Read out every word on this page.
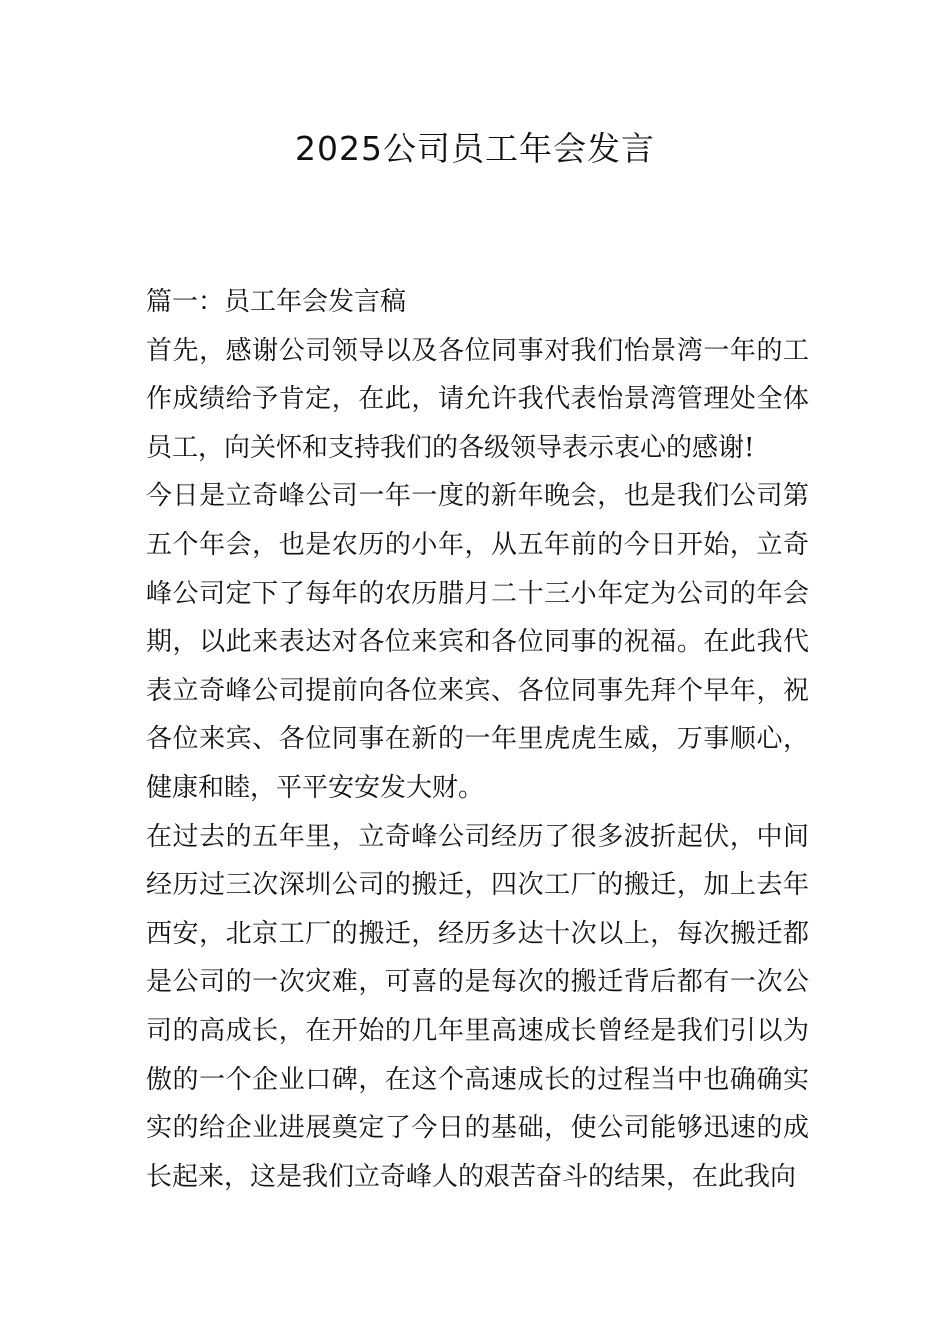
2025公司员工年会发言

篇一：员工年会发言稿

首先，感谢公司领导以及各位同事对我们怡景湾一年的工作成绩给予肯定，在此，请允许我代表怡景湾管理处全体员工，向关怀和支持我们的各级领导表示衷心的感谢!

今日是立奇峰公司一年一度的新年晚会，也是我们公司第五个年会，也是农历的小年，从五年前的今日开始，立奇峰公司定下了每年的农历腊月二十三小年定为公司的年会期，以此来表达对各位来宾和各位同事的祝福。在此我代表立奇峰公司提前向各位来宾、各位同事先拜个早年，祝各位来宾、各位同事在新的一年里虎虎生威，万事顺心，健康和睦，平平安安发大财。

在过去的五年里，立奇峰公司经历了很多波折起伏，中间经历过三次深圳公司的搬迁，四次工厂的搬迁，加上去年西安，北京工厂的搬迁，经历多达十次以上，每次搬迁都是公司的一次灾难，可喜的是每次的搬迁背后都有一次公司的高成长，在开始的几年里高速成长曾经是我们引以为傲的一个企业口碑，在这个高速成长的过程当中也确确实实的给企业进展奠定了今日的基础，使公司能够迅速的成长起来，这是我们立奇峰人的艰苦奋斗的结果，在此我向
